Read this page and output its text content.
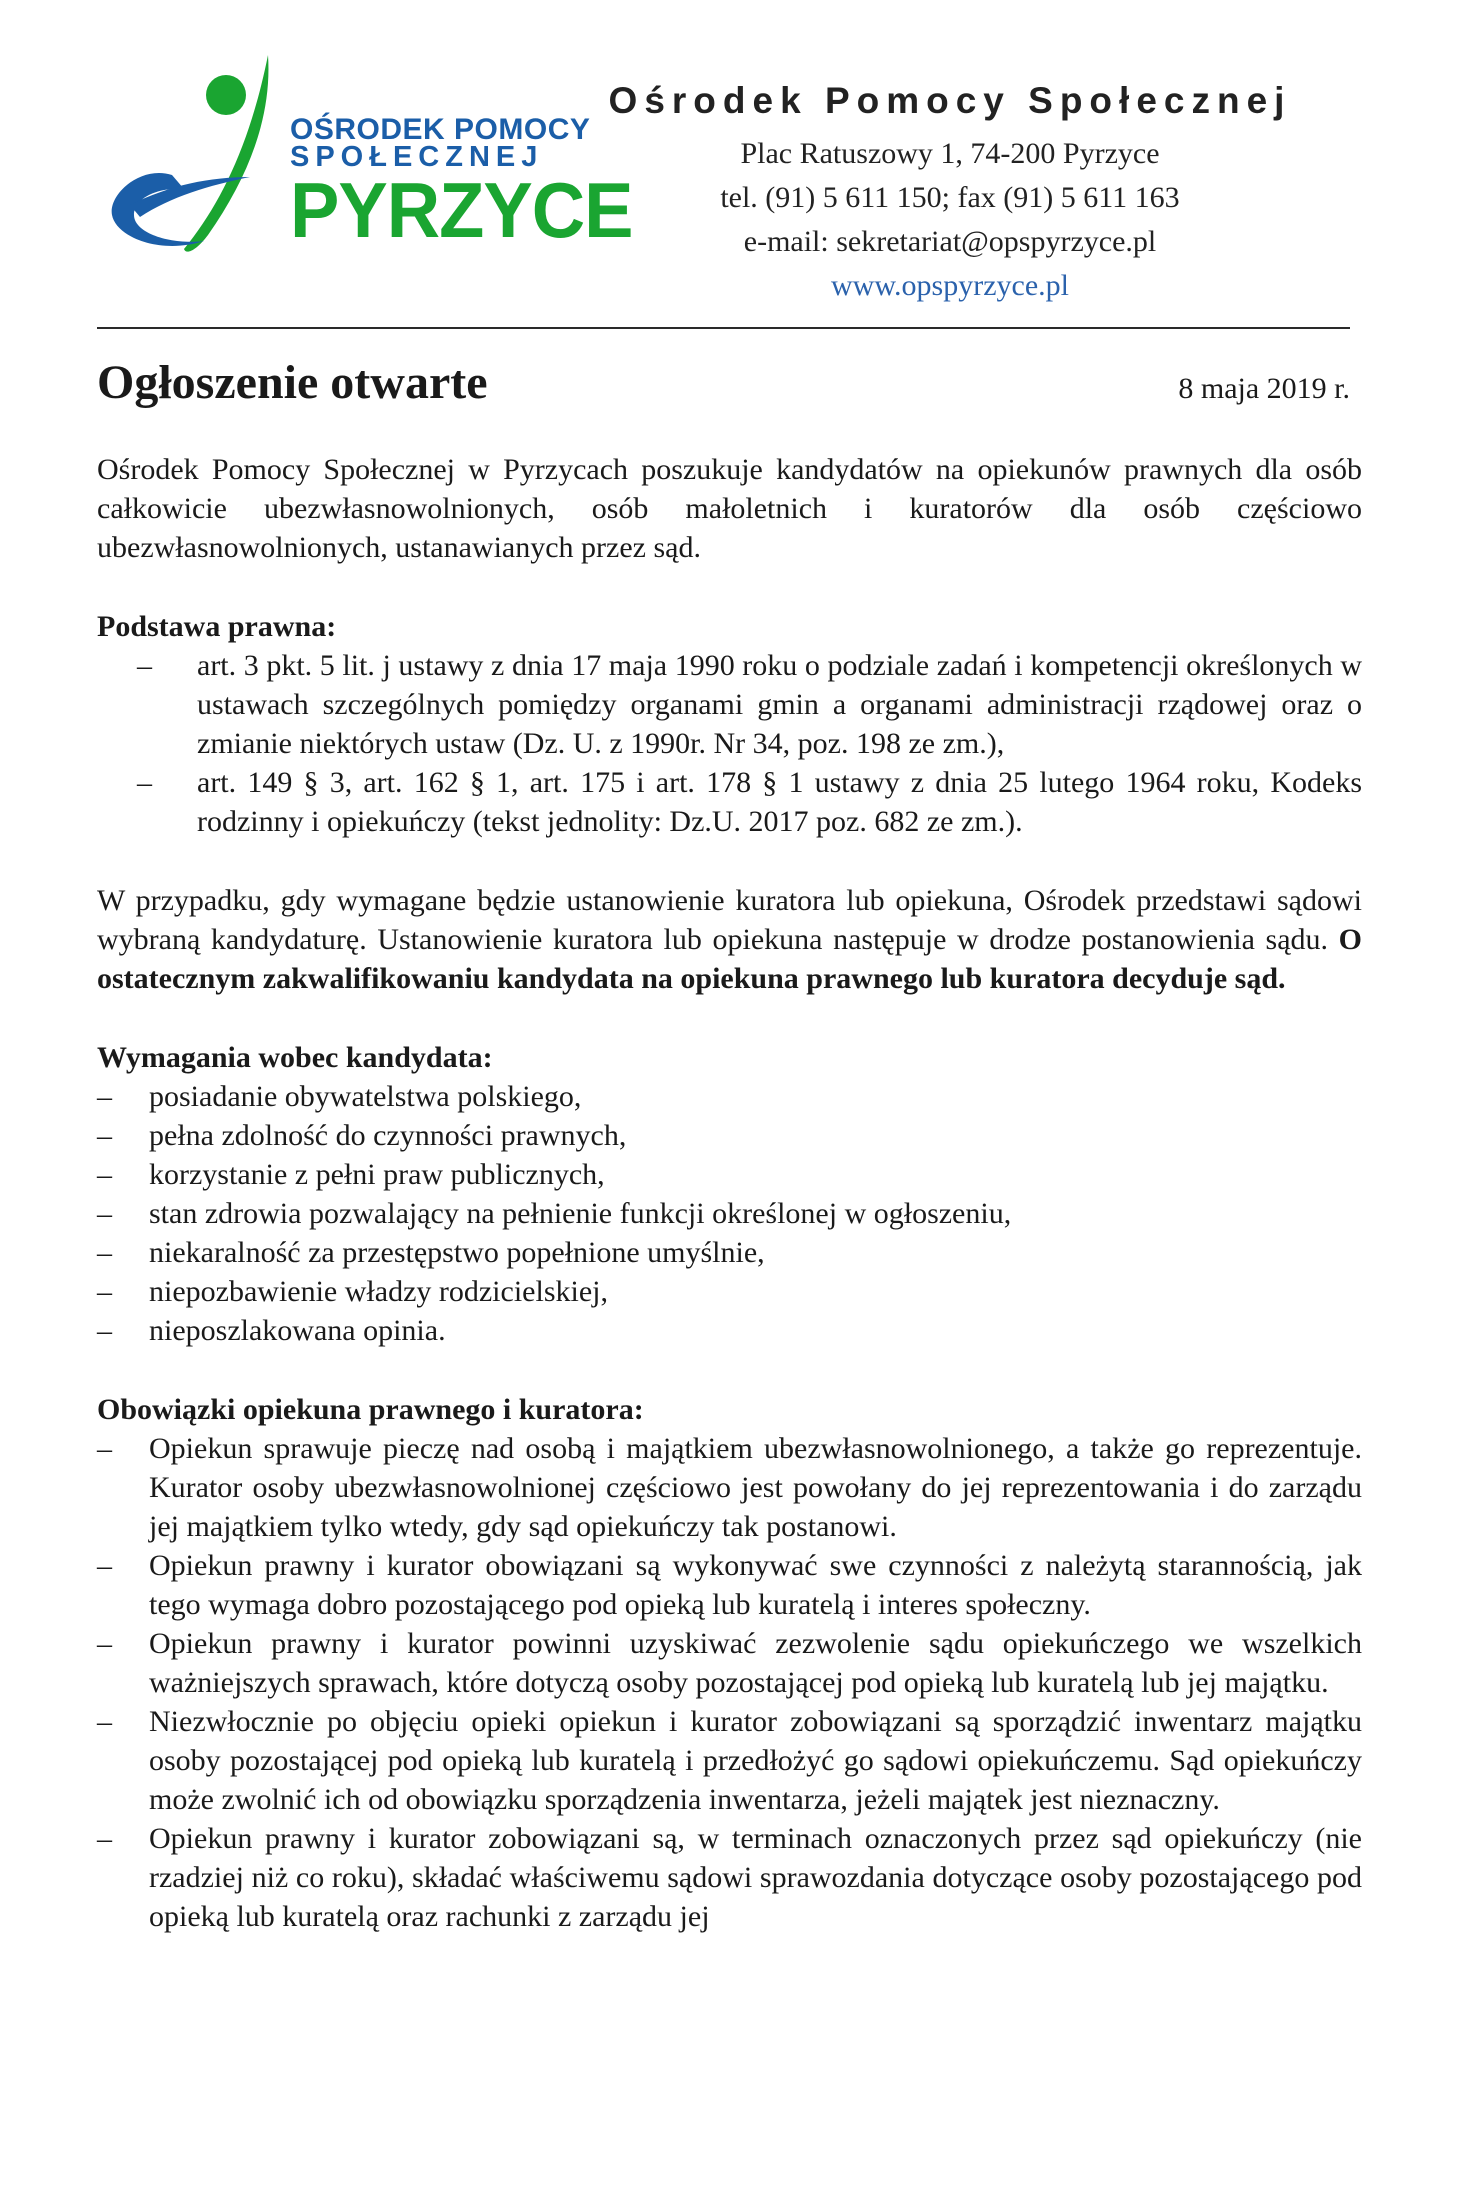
OŚRODEK POMOCY
SPOŁECZNEJ
PYRZYCE
Ośrodek Pomocy Społecznej
Plac Ratuszowy 1, 74-200 Pyrzyce
tel. (91) 5 611 150; fax (91) 5 611 163
e-mail: sekretariat@opspyrzyce.pl
www.opspyrzyce.pl
Ogłoszenie otwarte	8 maja 2019 r.

Ośrodek Pomocy Społecznej w Pyrzycach poszukuje kandydatów na opiekunów prawnych dla osób całkowicie ubezwłasnowolnionych, osób małoletnich i kuratorów dla osób częściowo ubezwłasnowolnionych, ustanawianych przez sąd.

Podstawa prawna:

– art. 3 pkt. 5 lit. j ustawy z dnia 17 maja 1990 roku o podziale zadań i kompetencji określonych w ustawach szczególnych pomiędzy organami gmin a organami administracji rządowej oraz o zmianie niektórych ustaw (Dz. U. z 1990r. Nr 34, poz. 198 ze zm.),
– art. 149 § 3, art. 162 § 1, art. 175 i art. 178 § 1 ustawy z dnia 25 lutego 1964 roku, Kodeks rodzinny i opiekuńczy (tekst jednolity: Dz.U. 2017 poz. 682 ze zm.).

W przypadku, gdy wymagane będzie ustanowienie kuratora lub opiekuna, Ośrodek przedstawi sądowi wybraną kandydaturę. Ustanowienie kuratora lub opiekuna następuje w drodze postanowienia sądu. O ostatecznym zakwalifikowaniu kandydata na opiekuna prawnego lub kuratora decyduje sąd.

Wymagania wobec kandydata:

– posiadanie obywatelstwa polskiego,
– pełna zdolność do czynności prawnych,
– korzystanie z pełni praw publicznych,
– stan zdrowia pozwalający na pełnienie funkcji określonej w ogłoszeniu,
– niekaralność za przestępstwo popełnione umyślnie,
– niepozbawienie władzy rodzicielskiej,
– nieposzlakowana opinia.

Obowiązki opiekuna prawnego i kuratora:

– Opiekun sprawuje pieczę nad osobą i majątkiem ubezwłasnowolnionego, a także go reprezentuje. Kurator osoby ubezwłasnowolnionej częściowo jest powołany do jej reprezentowania i do zarządu jej majątkiem tylko wtedy, gdy sąd opiekuńczy tak postanowi.
– Opiekun prawny i kurator obowiązani są wykonywać swe czynności z należytą starannością, jak tego wymaga dobro pozostającego pod opieką lub kuratelą i interes społeczny.
– Opiekun prawny i kurator powinni uzyskiwać zezwolenie sądu opiekuńczego we wszelkich ważniejszych sprawach, które dotyczą osoby pozostającej pod opieką lub kuratelą lub jej majątku.
– Niezwłocznie po objęciu opieki opiekun i kurator zobowiązani są sporządzić inwentarz majątku osoby pozostającej pod opieką lub kuratelą i przedłożyć go sądowi opiekuńczemu. Sąd opiekuńczy może zwolnić ich od obowiązku sporządzenia inwentarza, jeżeli majątek jest nieznaczny.
– Opiekun prawny i kurator zobowiązani są, w terminach oznaczonych przez sąd opiekuńczy (nie rzadziej niż co roku), składać właściwemu sądowi sprawozdania dotyczące osoby pozostającego pod opieką lub kuratelą oraz rachunki z zarządu jej
